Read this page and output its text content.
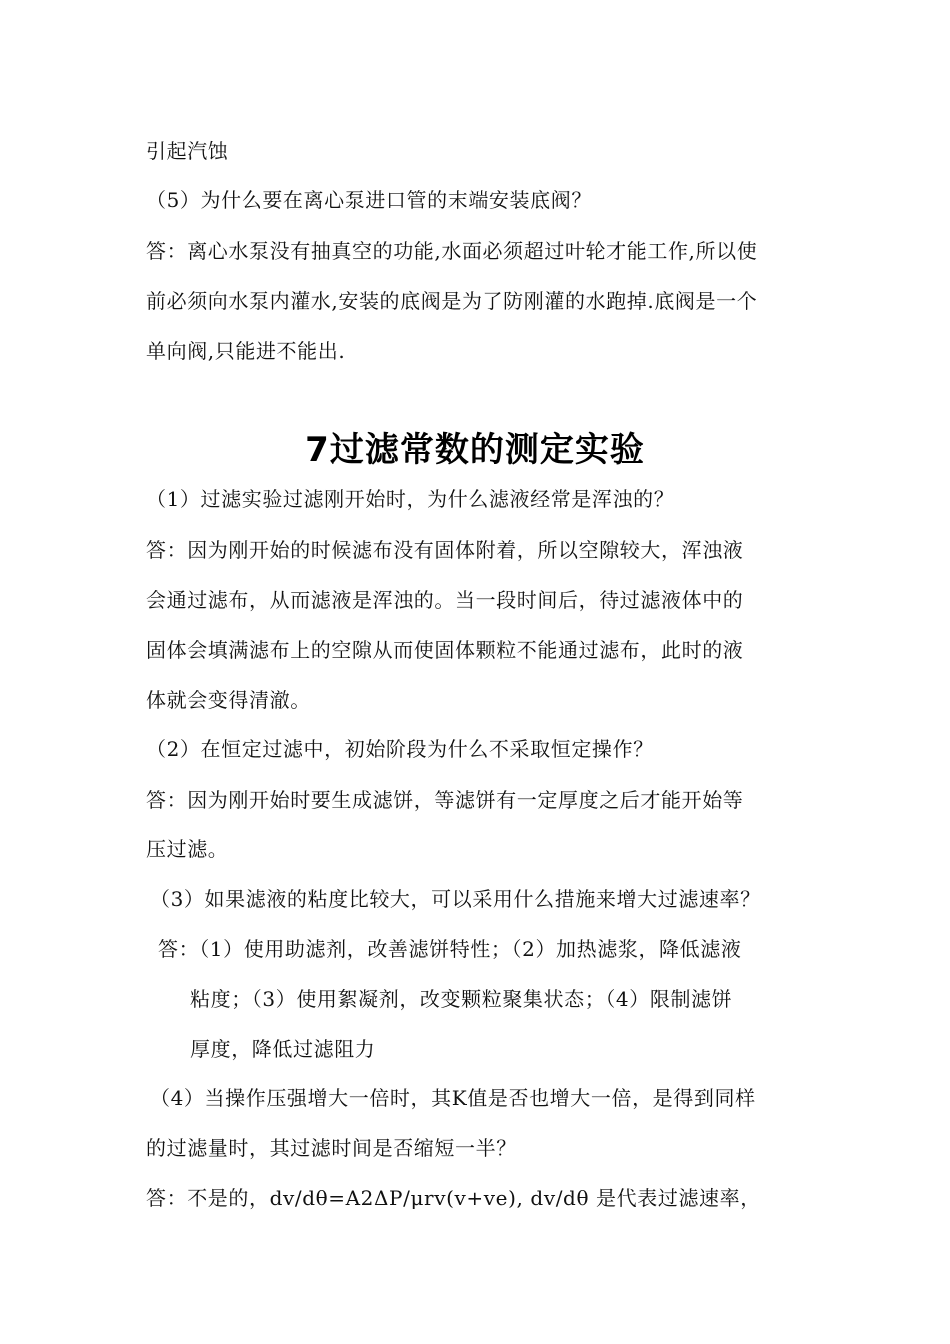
引起汽蚀
（5）为什么要在离心泵进口管的末端安装底阀？
答：离心水泵没有抽真空的功能,水面必须超过叶轮才能工作,所以使
前必须向水泵内灌水,安装的底阀是为了防刚灌的水跑掉.底阀是一个
单向阀,只能进不能出.
7过滤常数的测定实验
（1）过滤实验过滤刚开始时，为什么滤液经常是浑浊的？
答：因为刚开始的时候滤布没有固体附着，所以空隙较大，浑浊液
会通过滤布，从而滤液是浑浊的。当一段时间后，待过滤液体中的
固体会填满滤布上的空隙从而使固体颗粒不能通过滤布，此时的液
体就会变得清澈。
（2）在恒定过滤中，初始阶段为什么不采取恒定操作？
答：因为刚开始时要生成滤饼，等滤饼有一定厚度之后才能开始等
压过滤。
（3）如果滤液的粘度比较大，可以采用什么措施来增大过滤速率？
答：（1）使用助滤剂，改善滤饼特性；（2）加热滤浆，降低滤液
粘度；（3）使用絮凝剂，改变颗粒聚集状态；（4）限制滤饼
厚度，降低过滤阻力
（4）当操作压强增大一倍时，其K值是否也增大一倍，是得到同样
的过滤量时，其过滤时间是否缩短一半？
答：不是的，dv/dθ=A2ΔP/μrv(v+ve), dv/dθ 是代表过滤速率，
